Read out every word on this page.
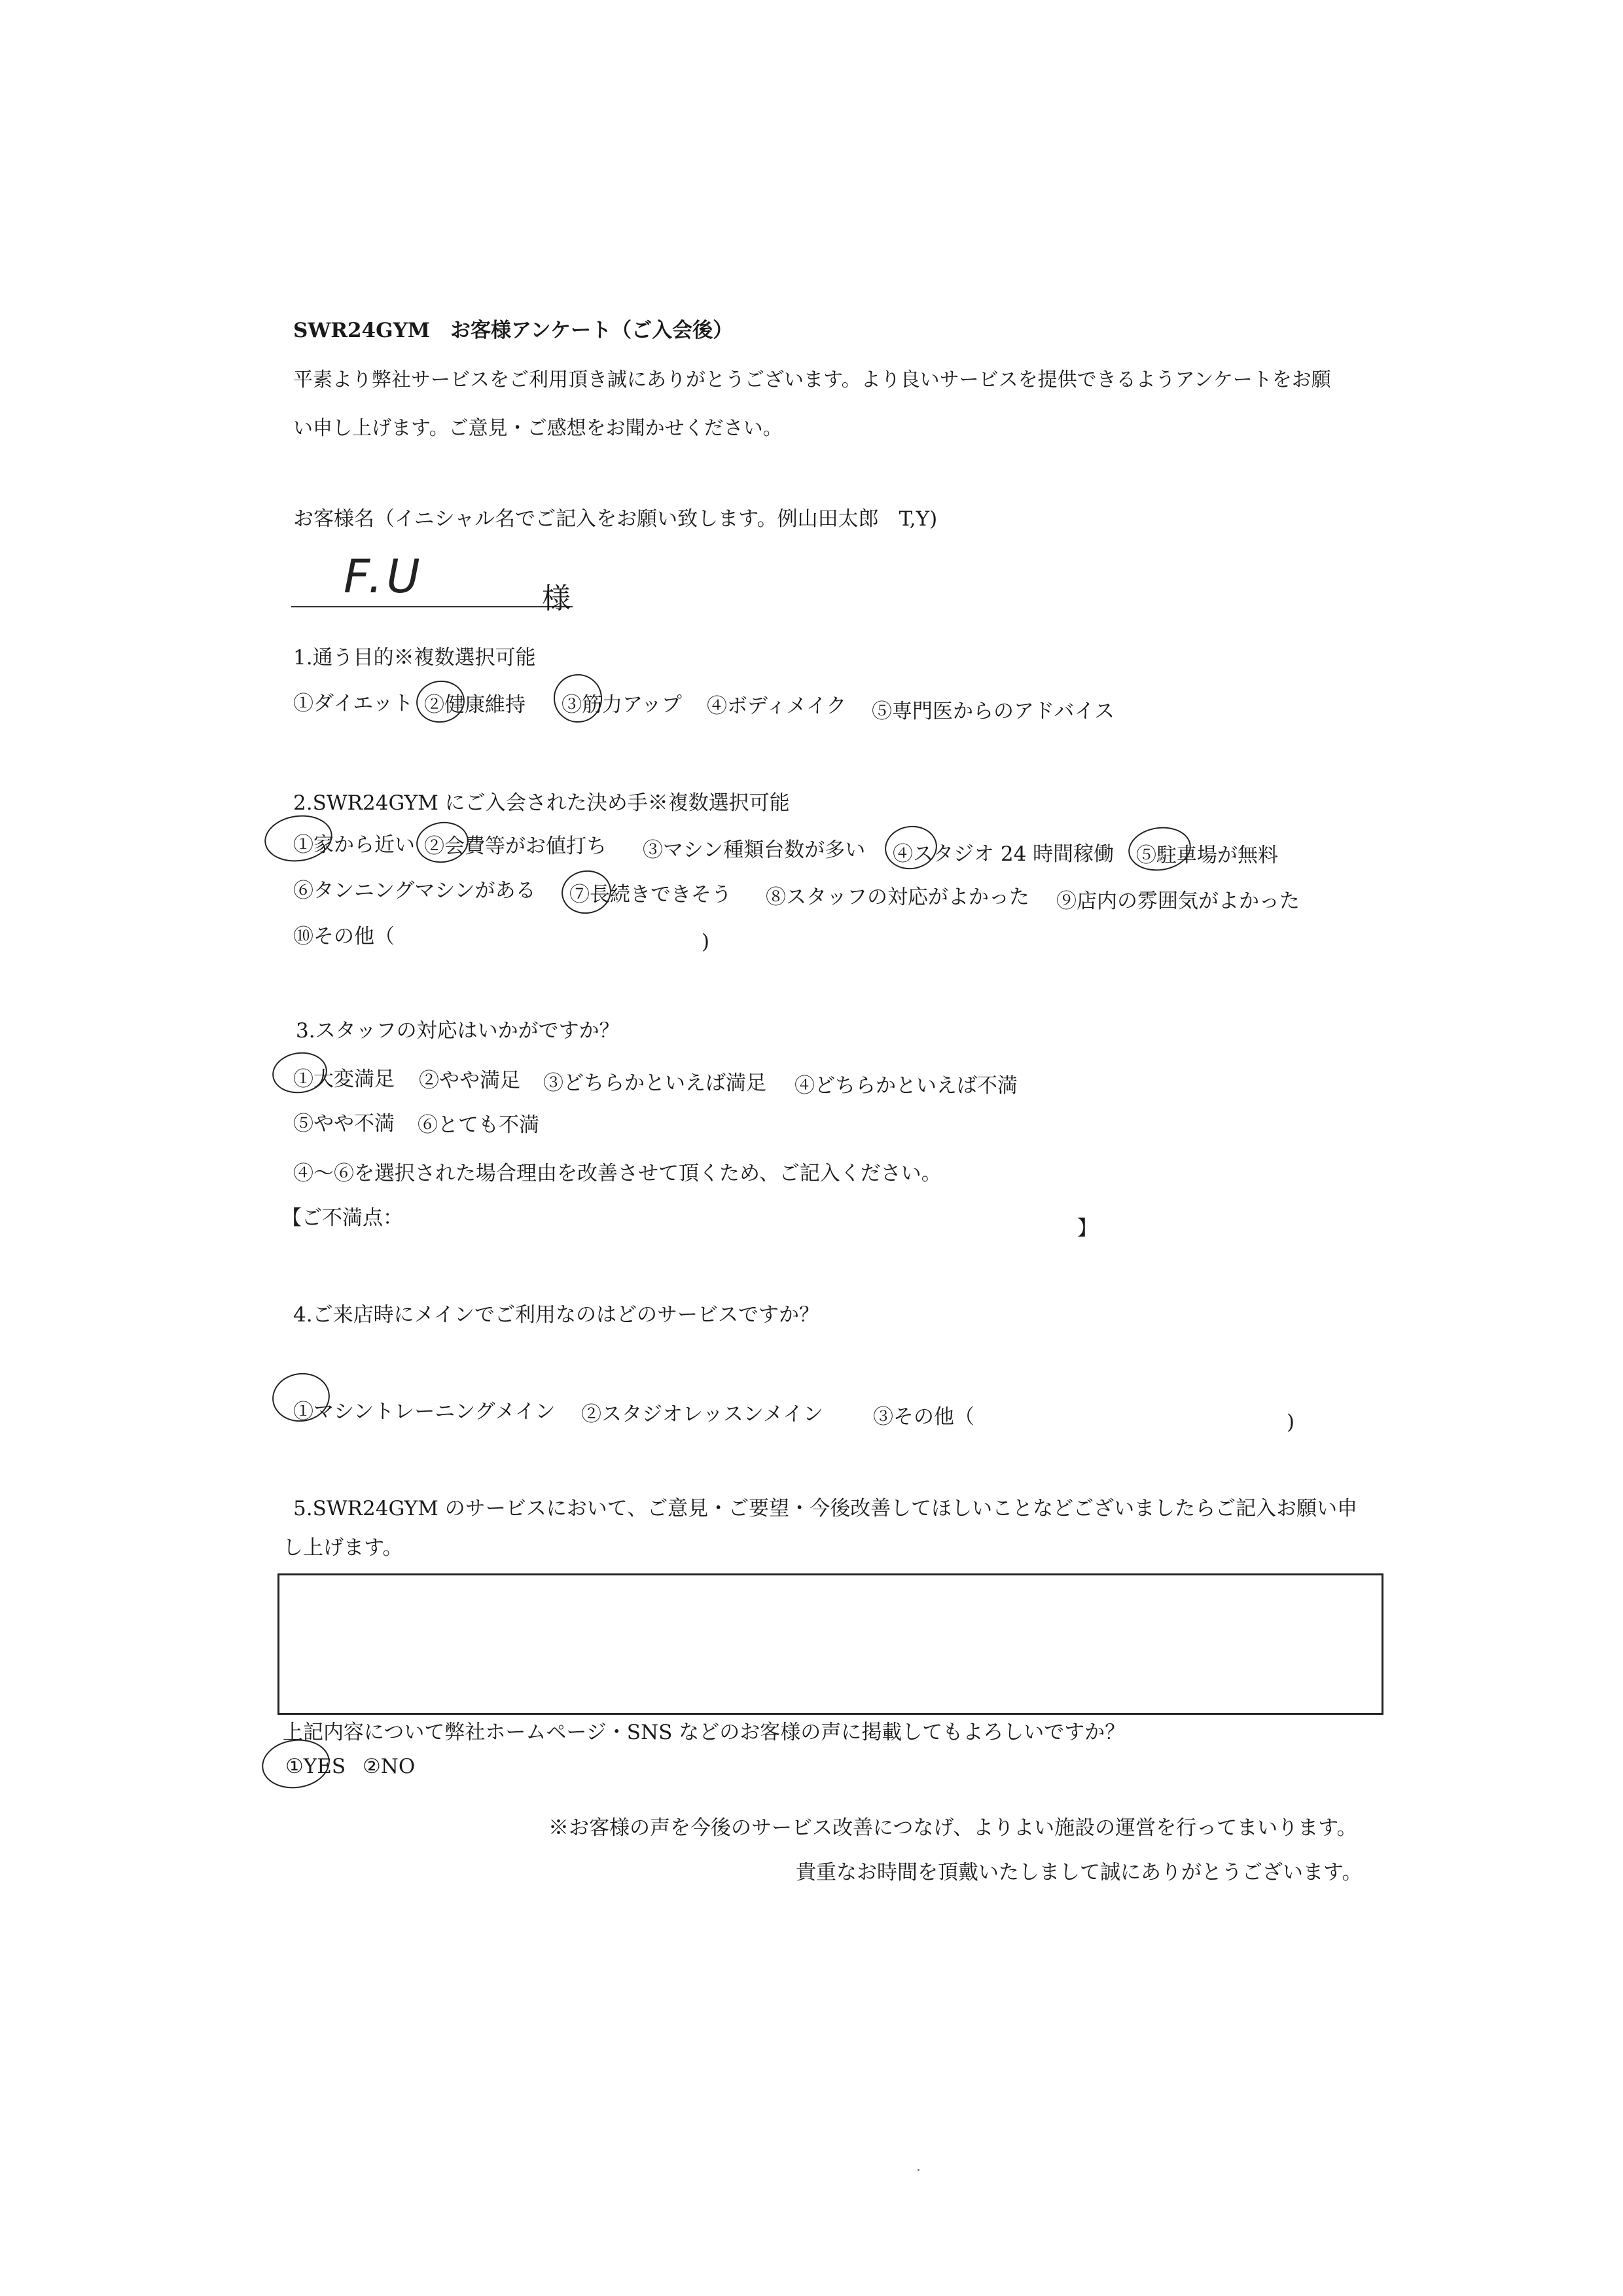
SWR24GYM　お客様アンケート（ご入会後）
平素より弊社サービスをご利用頂き誠にありがとうございます。より良いサービスを提供できるようアンケートをお願
い申し上げます。ご意見・ご感想をお聞かせください。
お客様名（イニシャル名でご記入をお願い致します。例山田太郎　T,Y)
F.U	様
1.通う目的※複数選択可能
①ダイエット ②健康維持 ③筋力アップ ④ボディメイク ⑤専門医からのアドバイス
2.SWR24GYM にご入会された決め手※複数選択可能
①家から近い ②会費等がお値打ち ③マシン種類台数が多い ④スタジオ 24 時間稼働 ⑤駐車場が無料
⑥タンニングマシンがある ⑦長続きできそう ⑧スタッフの対応がよかった ⑨店内の雰囲気がよかった
⑩その他（	)
3.スタッフの対応はいかがですか？
①大変満足 ②やや満足 ③どちらかといえば満足 ④どちらかといえば不満
⑤やや不満 ⑥とても不満
④～⑥を選択された場合理由を改善させて頂くため、ご記入ください。
【ご不満点：	】
4.ご来店時にメインでご利用なのはどのサービスですか？
①マシントレーニングメイン ②スタジオレッスンメイン ③その他（	)
5.SWR24GYM のサービスにおいて、ご意見・ご要望・今後改善してほしいことなどございましたらご記入お願い申
し上げます。
上記内容について弊社ホームページ・SNS などのお客様の声に掲載してもよろしいですか？
①YES ②NO
※お客様の声を今後のサービス改善につなげ、よりよい施設の運営を行ってまいります。
貴重なお時間を頂戴いたしまして誠にありがとうございます。
